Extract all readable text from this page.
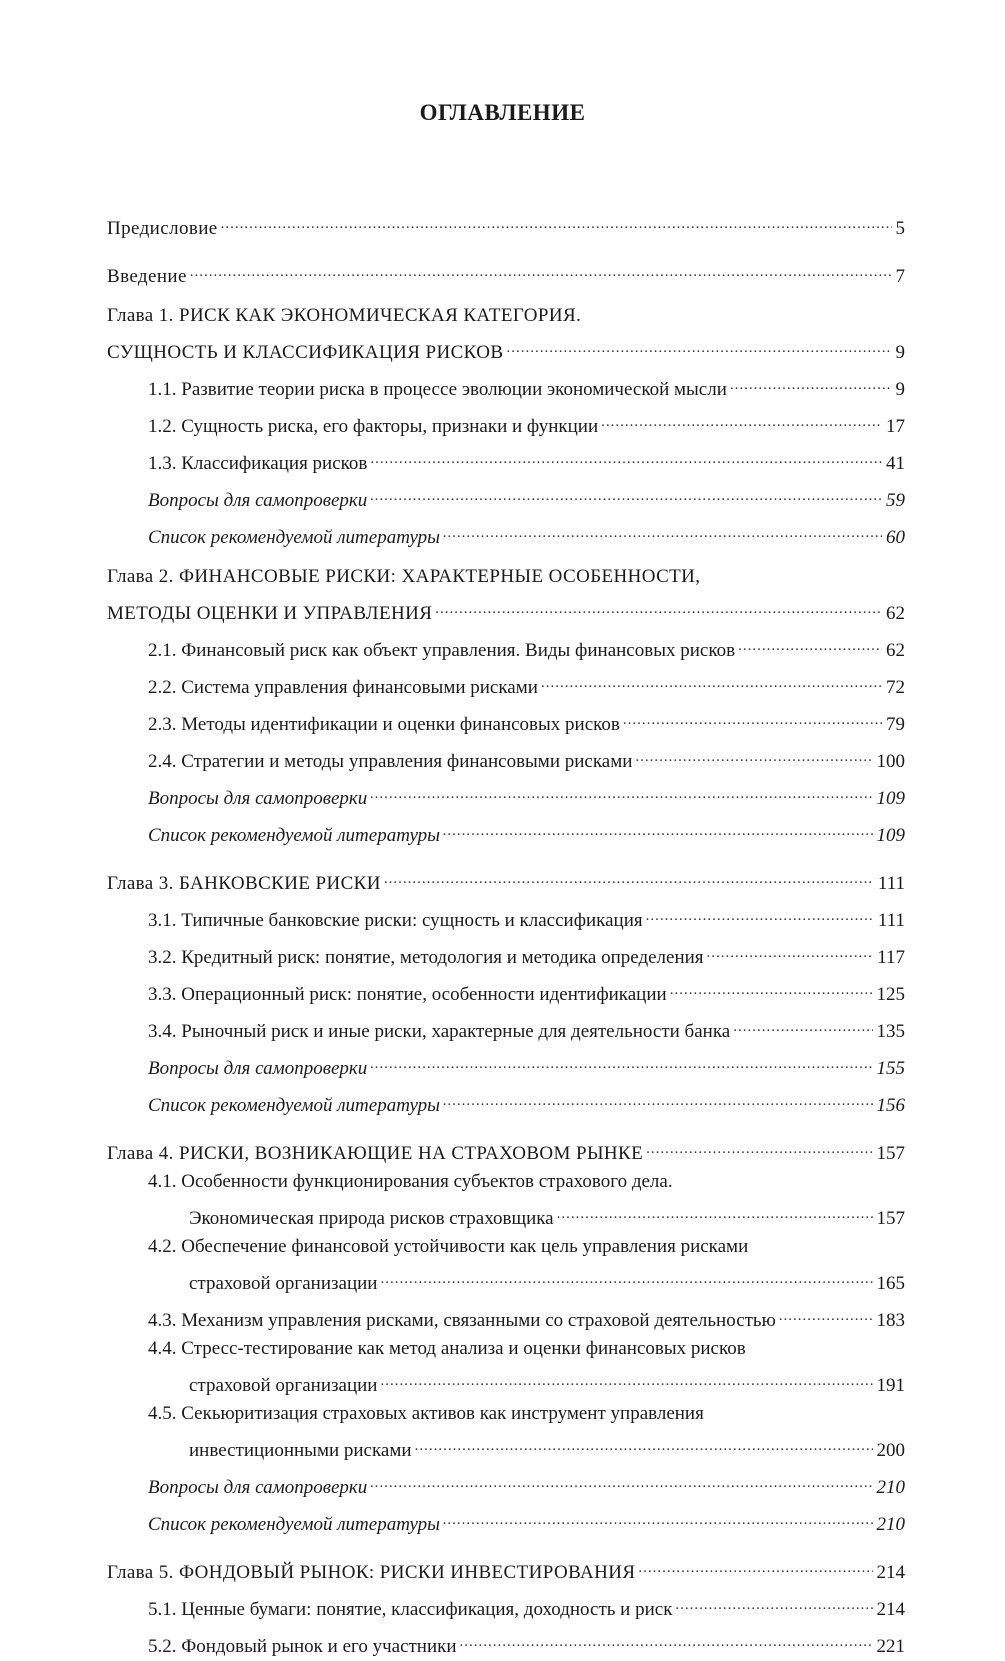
ОГЛАВЛЕНИЕ
Предисловие .....	5
Введение .....	7
Глава 1. РИСК КАК ЭКОНОМИЧЕСКАЯ КАТЕГОРИЯ.
СУЩНОСТЬ И КЛАССИФИКАЦИЯ РИСКОВ .....	9
1.1. Развитие теории риска в процессе эволюции экономической мысли .....	9
1.2. Сущность риска, его факторы, признаки и функции .....	17
1.3. Классификация рисков .....	41
Вопросы для самопроверки .....	59
Список рекомендуемой литературы .....	60
Глава 2. ФИНАНСОВЫЕ РИСКИ: ХАРАКТЕРНЫЕ ОСОБЕННОСТИ,
МЕТОДЫ ОЦЕНКИ И УПРАВЛЕНИЯ .....	62
2.1. Финансовый риск как объект управления. Виды финансовых рисков .....	62
2.2. Система управления финансовыми рисками .....	72
2.3. Методы идентификации и оценки финансовых рисков .....	79
2.4. Стратегии и методы управления финансовыми рисками .....	100
Вопросы для самопроверки .....	109
Список рекомендуемой литературы .....	109
Глава 3. БАНКОВСКИЕ РИСКИ .....	111
3.1. Типичные банковские риски: сущность и классификация .....	111
3.2. Кредитный риск: понятие, методология и методика определения .....	117
3.3. Операционный риск: понятие, особенности идентификации .....	125
3.4. Рыночный риск и иные риски, характерные для деятельности банка .....	135
Вопросы для самопроверки .....	155
Список рекомендуемой литературы .....	156
Глава 4. РИСКИ, ВОЗНИКАЮЩИЕ НА СТРАХОВОМ РЫНКЕ .....	157
4.1. Особенности функционирования субъектов страхового дела.
Экономическая природа рисков страховщика .....	157
4.2. Обеспечение финансовой устойчивости как цель управления рисками
страховой организации .....	165
4.3. Механизм управления рисками, связанными со страховой деятельностью .....	183
4.4. Стресс-тестирование как метод анализа и оценки финансовых рисков
страховой организации .....	191
4.5. Секьюритизация страховых активов как инструмент управления
инвестиционными рисками .....	200
Вопросы для самопроверки .....	210
Список рекомендуемой литературы .....	210
Глава 5. ФОНДОВЫЙ РЫНОК: РИСКИ ИНВЕСТИРОВАНИЯ .....	214
5.1. Ценные бумаги: понятие, классификация, доходность и риск .....	214
5.2. Фондовый рынок и его участники .....	221
